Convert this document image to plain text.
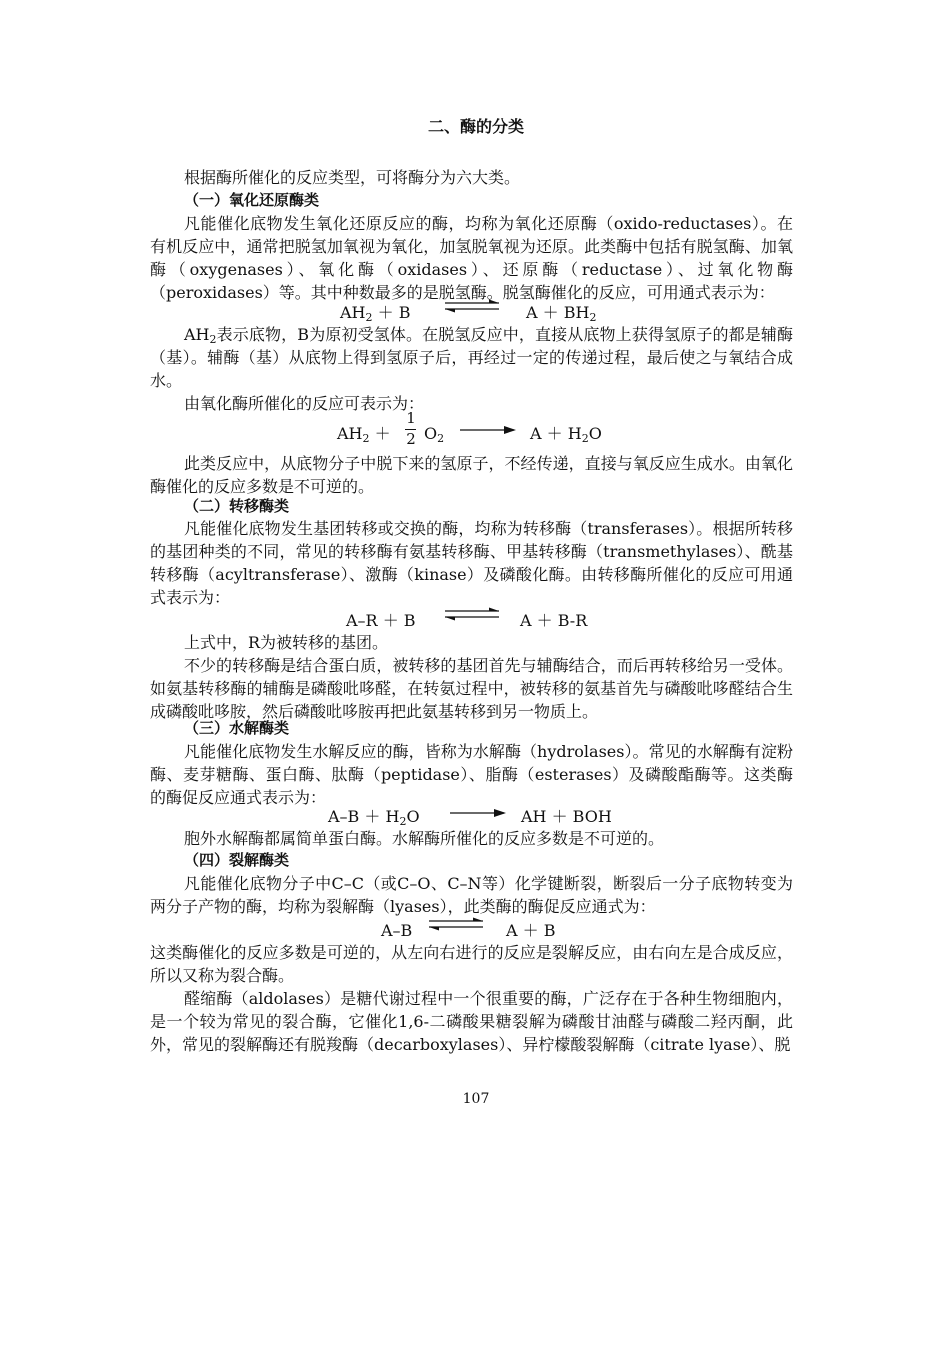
二、酶的分类
根据酶所催化的反应类型，可将酶分为六大类。
（一）氧化还原酶类
凡能催化底物发生氧化还原反应的酶，均称为氧化还原酶（oxido-reductases）。在有机反应中，通常把脱氢加氧视为氧化，加氢脱氧视为还原。此类酶中包括有脱氢酶、加氧酶（oxygenases）、氧化酶（oxidases）、还原酶（reductase）、过氧化物酶（peroxidases）等。其中种数最多的是脱氢酶。脱氢酶催化的反应，可用通式表示为：
$AH_2 + B$	$A + BH_2$
$AH_2$表示底物，B为原初受氢体。在脱氢反应中，直接从底物上获得氢原子的都是辅酶（基）。辅酶（基）从底物上得到氢原子后，再经过一定的传递过程，最后使之与氧结合成水。
由氧化酶所催化的反应可表示为：
$AH_2$ ＋
1
2 $O_2$	$A + H_2O$
此类反应中，从底物分子中脱下来的氢原子，不经传递，直接与氧反应生成水。由氧化酶催化的反应多数是不可逆的。
（二）转移酶类
凡能催化底物发生基团转移或交换的酶，均称为转移酶（transferases）。根据所转移的基团种类的不同，常见的转移酶有氨基转移酶、甲基转移酶（transmethylases）、酰基转移酶（acyltransferase）、激酶（kinase）及磷酸化酶。由转移酶所催化的反应可用通式表示为：
A–R ＋ B ⇌ A ＋ B-R
上式中，R为被转移的基团。
不少的转移酶是结合蛋白质，被转移的基团首先与辅酶结合，而后再转移给另一受体。如氨基转移酶的辅酶是磷酸吡哆醛，在转氨过程中，被转移的氨基首先与磷酸吡哆醛结合生成磷酸吡哆胺，然后磷酸吡哆胺再把此氨基转移到另一物质上。
（三）水解酶类
凡能催化底物发生水解反应的酶，皆称为水解酶（hydrolases）。常见的水解酶有淀粉酶、麦芽糖酶、蛋白酶、肽酶（peptidase）、脂酶（esterases）及磷酸酯酶等。这类酶的酶促反应通式表示为：
$A-B + H_2O$	AH ＋ BOH
胞外水解酶都属简单蛋白酶。水解酶所催化的反应多数是不可逆的。
（四）裂解酶类
凡能催化底物分子中C–C（或C–O、C–N等）化学键断裂，断裂后一分子底物转变为两分子产物的酶，均称为裂解酶（lyases），此类酶的酶促反应通式为：
A–B ⇌ A ＋ B
这类酶催化的反应多数是可逆的，从左向右进行的反应是裂解反应，由右向左是合成反应，所以又称为裂合酶。
醛缩酶（aldolases）是糖代谢过程中一个很重要的酶，广泛存在于各种生物细胞内，是一个较为常见的裂合酶，它催化1,6-二磷酸果糖裂解为磷酸甘油醛与磷酸二羟丙酮，此外，常见的裂解酶还有脱羧酶（decarboxylases）、异柠檬酸裂解酶（citrate lyase）、脱
107
